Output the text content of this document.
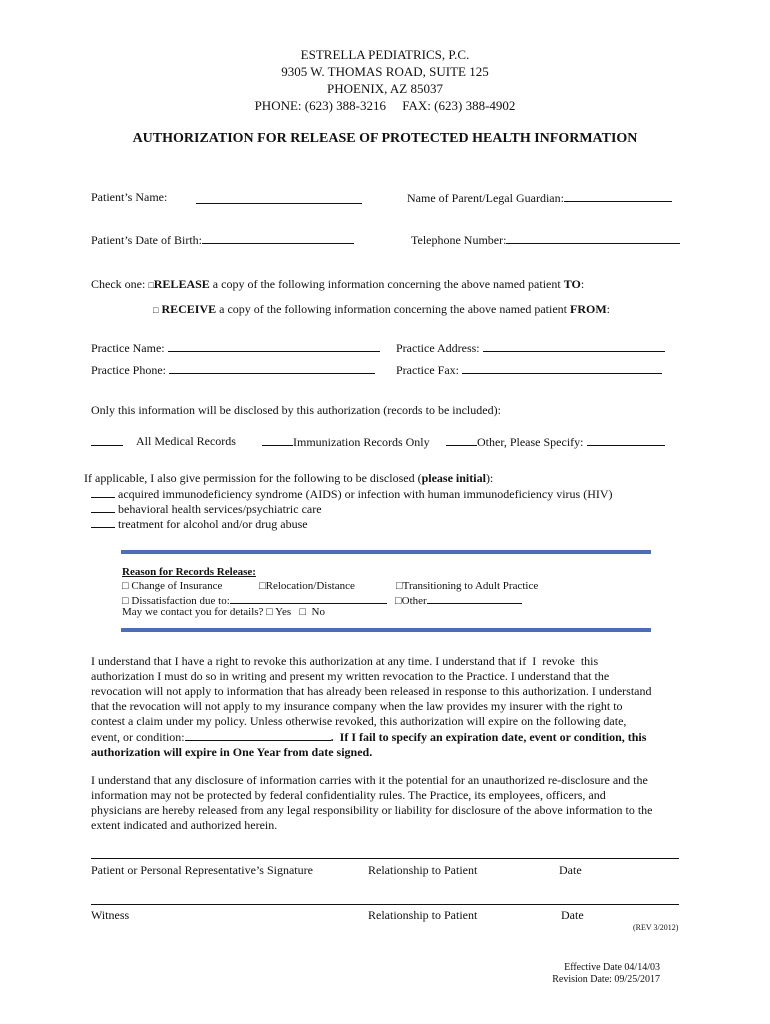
ESTRELLA PEDIATRICS, P.C.
9305 W. THOMAS ROAD, SUITE 125
PHOENIX, AZ 85037
PHONE: (623) 388-3216     FAX: (623) 388-4902
AUTHORIZATION FOR RELEASE OF PROTECTED HEALTH INFORMATION
Patient’s Name:	Name of Parent/Legal Guardian:
Patient’s Date of Birth:	Telephone Number:
Check one: □RELEASE a copy of the following information concerning the above named patient TO:
□ RECEIVE a copy of the following information concerning the above named patient FROM:
Practice Name:	Practice Address:
Practice Phone:	Practice Fax:
Only this information will be disclosed by this authorization (records to be included):
All Medical Records	Immunization Records Only	Other, Please Specify:
If applicable, I also give permission for the following to be disclosed (please initial):
acquired immunodeficiency syndrome (AIDS) or infection with human immunodeficiency virus (HIV)
behavioral health services/psychiatric care
treatment for alcohol and/or drug abuse
Reason for Records Release:
□ Change of Insurance	□Relocation/Distance	□Transitioning to Adult Practice
□ Dissatisfaction due to:	□Other
May we contact you for details? □ Yes   □  No
I understand that I have a right to revoke this authorization at any time. I understand that if  I  revoke  this
authorization I must do so in writing and present my written revocation to the Practice. I understand that the
revocation will not apply to information that has already been released in response to this authorization. I understand
that the revocation will not apply to my insurance company when the law provides my insurer with the right to
contest a claim under my policy. Unless otherwise revoked, this authorization will expire on the following date,
event, or condition:	.  If I fail to specify an expiration date, event or condition, this
authorization will expire in One Year from date signed.
I understand that any disclosure of information carries with it the potential for an unauthorized re-disclosure and the
information may not be protected by federal confidentiality rules. The Practice, its employees, officers, and
physicians are hereby released from any legal responsibility or liability for disclosure of the above information to the
extent indicated and authorized herein.
Patient or Personal Representative’s Signature	Relationship to Patient	Date
Witness	Relationship to Patient	Date
(REV 3/2012)
Effective Date 04/14/03
Revision Date: 09/25/2017
